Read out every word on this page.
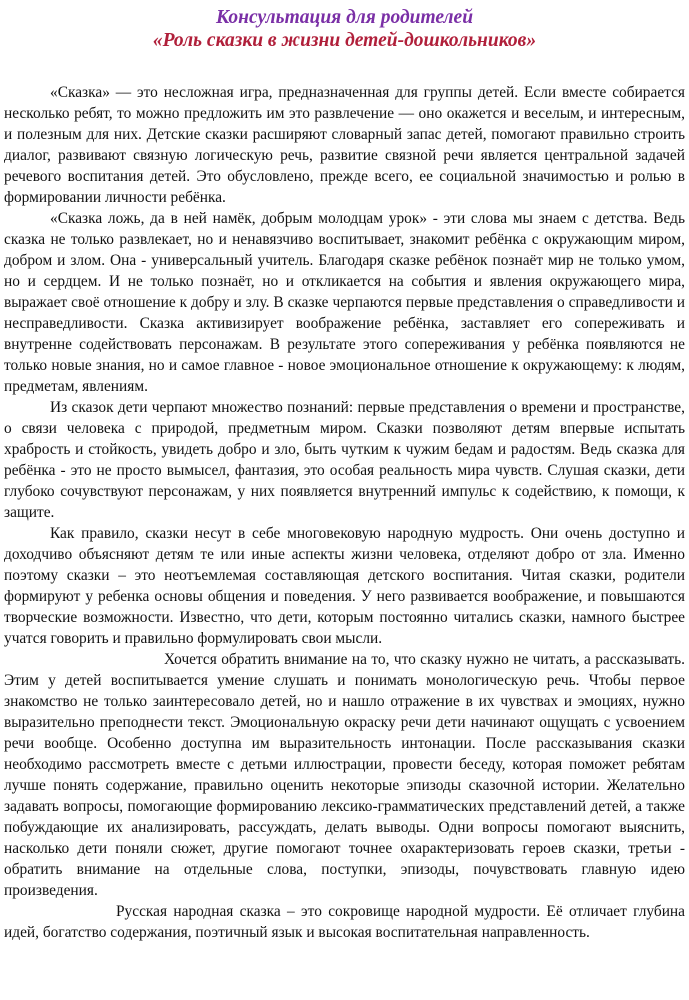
Консультация для родителей
«Роль сказки в жизни детей-дошкольников»

«Сказка» — это несложная игра, предназначенная для группы детей. Если вместе собирается несколько ребят, то можно предложить им это развлечение — оно окажется и веселым, и интересным, и полезным для них. Детские сказки расширяют словарный запас детей, помогают правильно строить диалог, развивают связную логическую речь, развитие связной речи является центральной задачей речевого воспитания детей. Это обусловлено, прежде всего, ее социальной значимостью и ролью в формировании личности ребёнка.

«Сказка ложь, да в ней намёк, добрым молодцам урок» - эти слова мы знаем с детства. Ведь сказка не только развлекает, но и ненавязчиво воспитывает, знакомит ребёнка с окружающим миром, добром и злом. Она - универсальный учитель. Благодаря сказке ребёнок познаёт мир не только умом, но и сердцем. И не только познаёт, но и откликается на события и явления окружающего мира, выражает своё отношение к добру и злу. В сказке черпаются первые представления о справедливости и несправедливости. Сказка активизирует воображение ребёнка, заставляет его сопереживать и внутренне содействовать персонажам. В результате этого сопереживания у ребёнка появляются не только новые знания, но и самое главное - новое эмоциональное отношение к окружающему: к людям, предметам, явлениям.

Из сказок дети черпают множество познаний: первые представления о времени и пространстве, о связи человека с природой, предметным миром. Сказки позволяют детям впервые испытать храбрость и стойкость, увидеть добро и зло, быть чутким к чужим бедам и радостям. Ведь сказка для ребёнка - это не просто вымысел, фантазия, это особая реальность мира чувств. Слушая сказки, дети глубоко сочувствуют персонажам, у них появляется внутренний импульс к содействию, к помощи, к защите.

Как правило, сказки несут в себе многовековую народную мудрость. Они очень доступно и доходчиво объясняют детям те или иные аспекты жизни человека, отделяют добро от зла. Именно поэтому сказки – это неотъемлемая составляющая детского воспитания. Читая сказки, родители формируют у ребенка основы общения и поведения. У него развивается воображение, и повышаются творческие возможности. Известно, что дети, которым постоянно читались сказки, намного быстрее учатся говорить и правильно формулировать свои мысли.

Хочется обратить внимание на то, что сказку нужно не читать, а рассказывать. Этим у детей воспитывается умение слушать и понимать монологическую речь. Чтобы первое знакомство не только заинтересовало детей, но и нашло отражение в их чувствах и эмоциях, нужно выразительно преподнести текст. Эмоциональную окраску речи дети начинают ощущать с усвоением речи вообще. Особенно доступна им выразительность интонации. После рассказывания сказки необходимо рассмотреть вместе с детьми иллюстрации, провести беседу, которая поможет ребятам лучше понять содержание, правильно оценить некоторые эпизоды сказочной истории. Желательно задавать вопросы, помогающие формированию лексико-грамматических представлений детей, а также побуждающие их анализировать, рассуждать, делать выводы. Одни вопросы помогают выяснить, насколько дети поняли сюжет, другие помогают точнее охарактеризовать героев сказки, третьи - обратить внимание на отдельные слова, поступки, эпизоды, почувствовать главную идею произведения.

Русская народная сказка – это сокровище народной мудрости. Её отличает глубина идей, богатство содержания, поэтичный язык и высокая воспитательная направленность.
